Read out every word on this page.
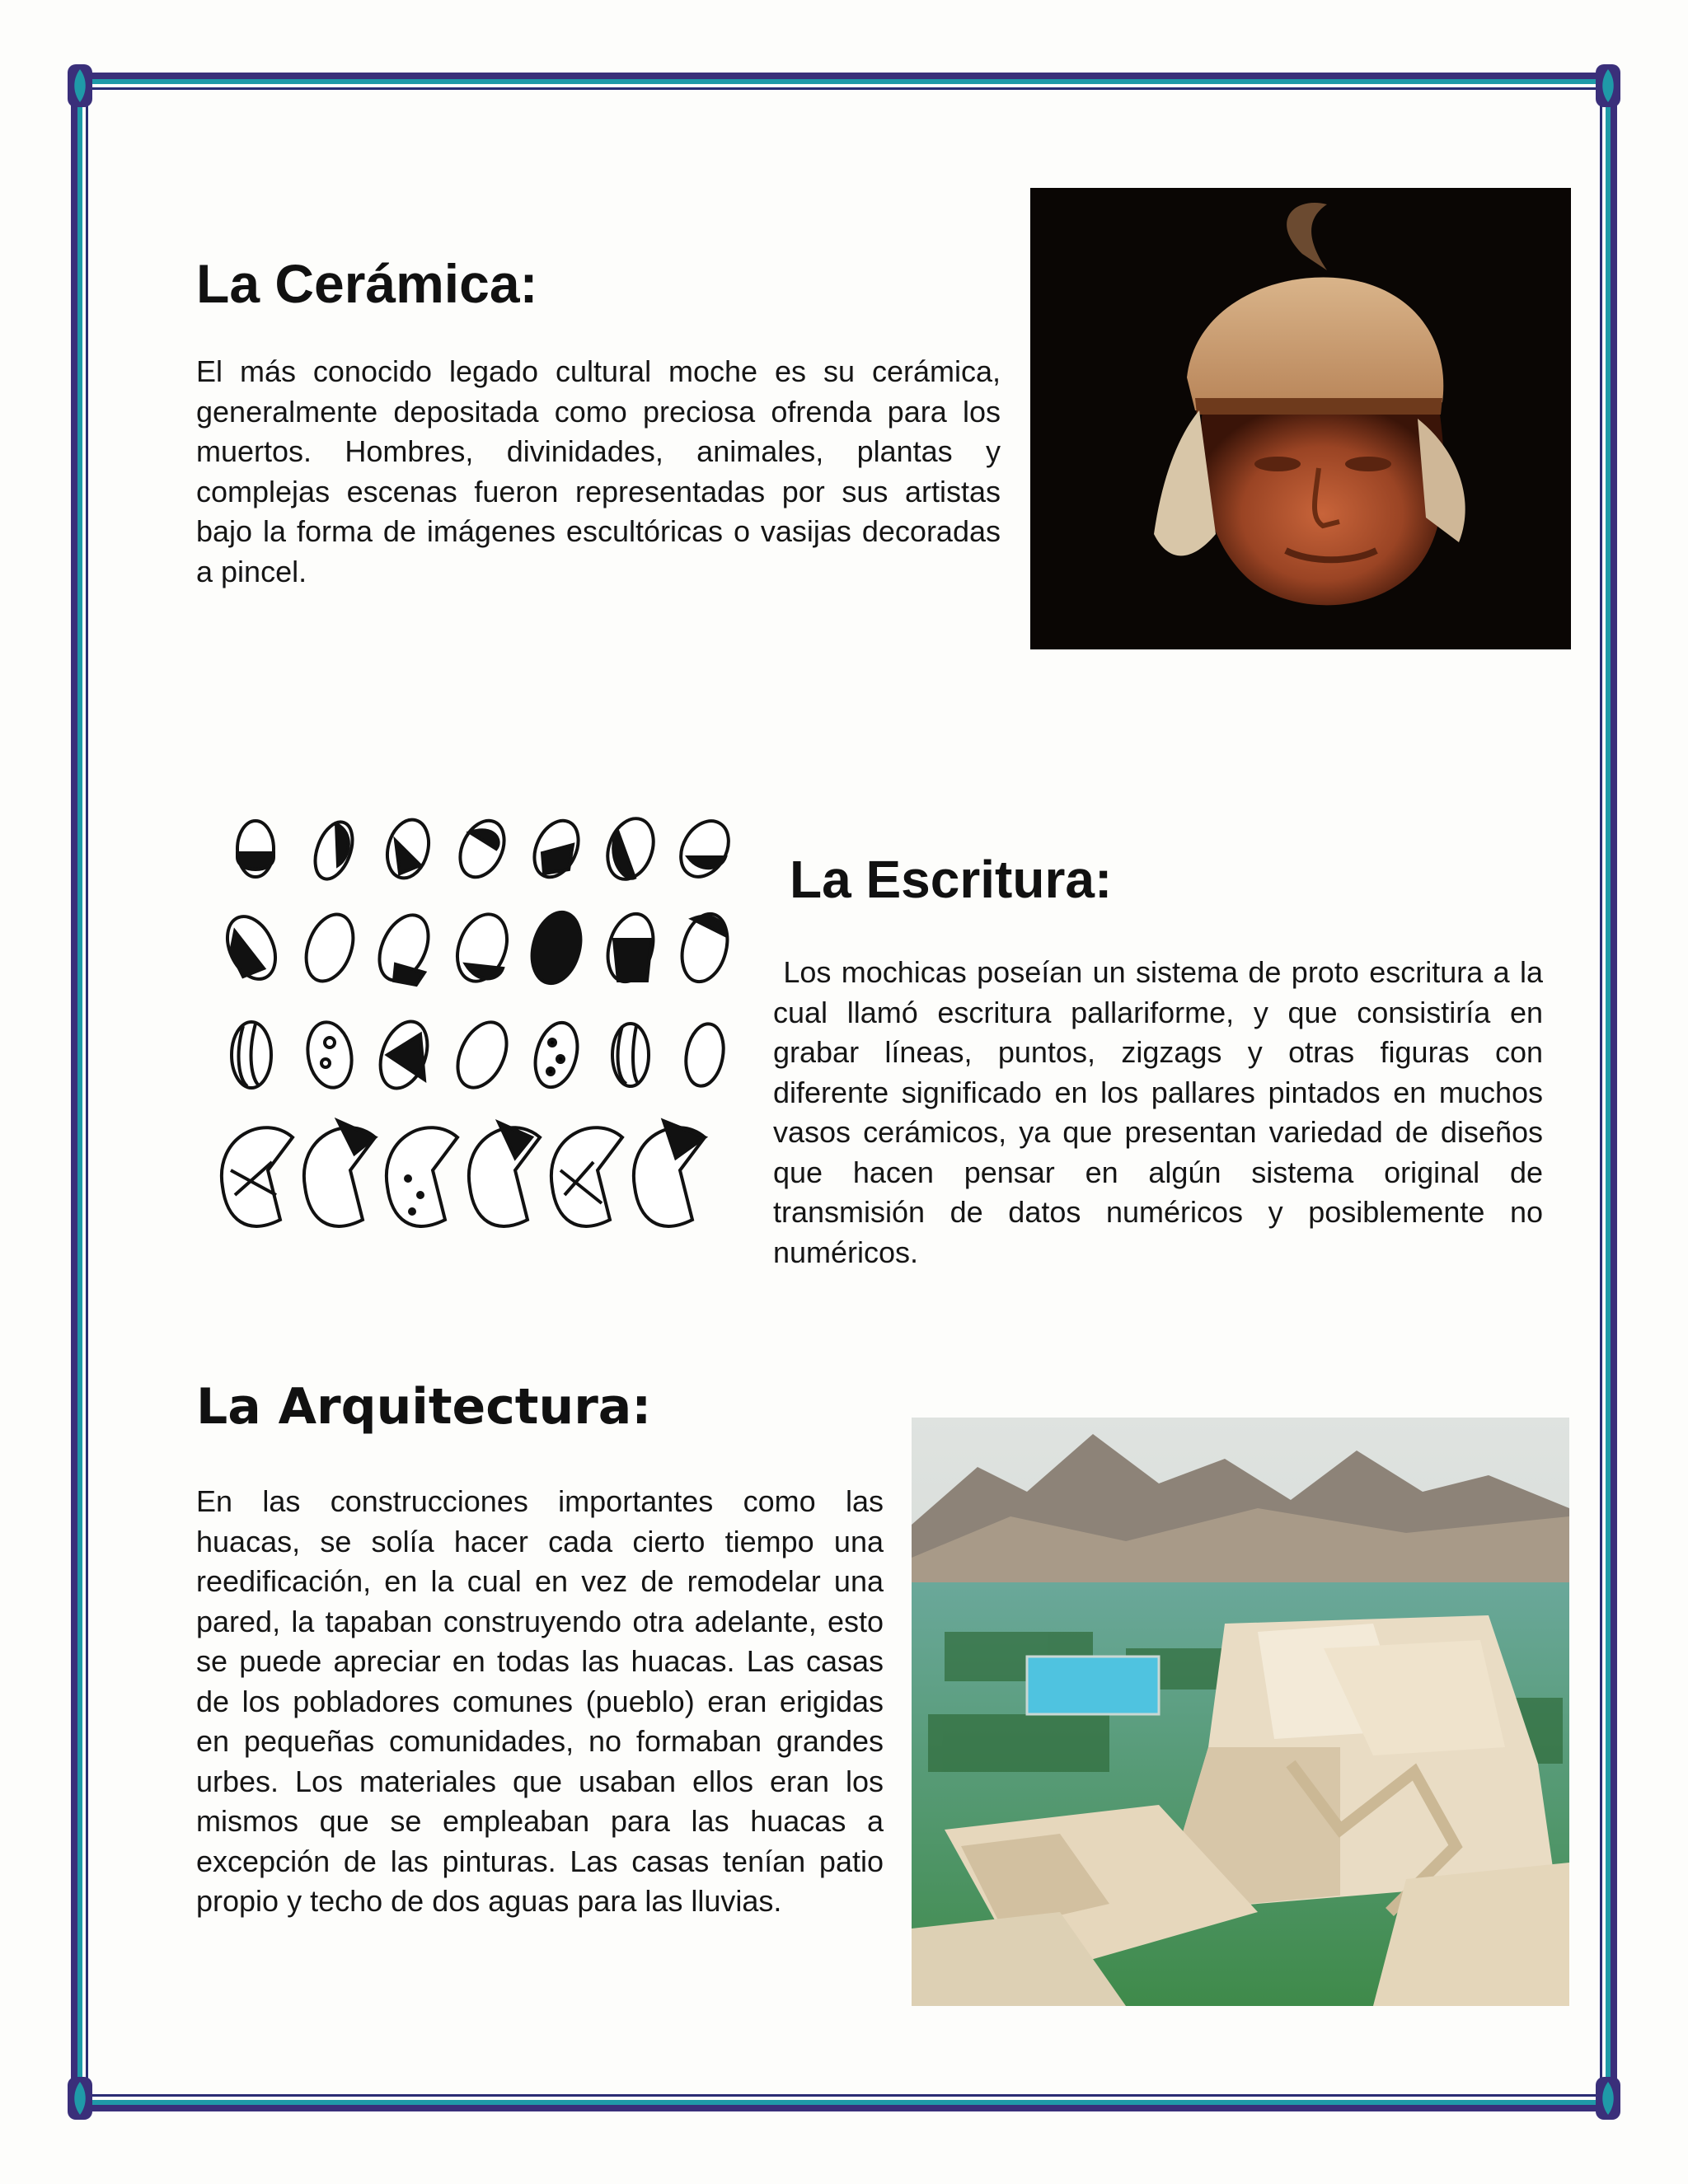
La Cerámica:

El más conocido legado cultural moche es su cerámica, generalmente depositada como preciosa ofrenda para los muertos. Hombres, divinidades, animales, plantas y complejas escenas fueron representadas por sus artistas bajo la forma de imágenes escultóricas o vasijas decoradas a pincel.

La Escritura:

Los mochicas poseían un sistema de proto escritura a la cual llamó escritura pallariforme, y que consistiría en grabar líneas, puntos, zigzags y otras figuras con diferente significado en los pallares pintados en muchos vasos cerámicos, ya que presentan variedad de diseños que hacen pensar en algún sistema original de transmisión de datos numéricos y posiblemente no numéricos.

La Arquitectura:

En las construcciones importantes como las huacas, se solía hacer cada cierto tiempo una reedificación, en la cual en vez de remodelar una pared, la tapaban construyendo otra adelante, esto se puede apreciar en todas las huacas. Las casas de los pobladores comunes (pueblo) eran erigidas en pequeñas comunidades, no formaban grandes urbes. Los materiales que usaban ellos eran los mismos que se empleaban para las huacas a excepción de las pinturas. Las casas tenían patio propio y techo de dos aguas para las lluvias.
